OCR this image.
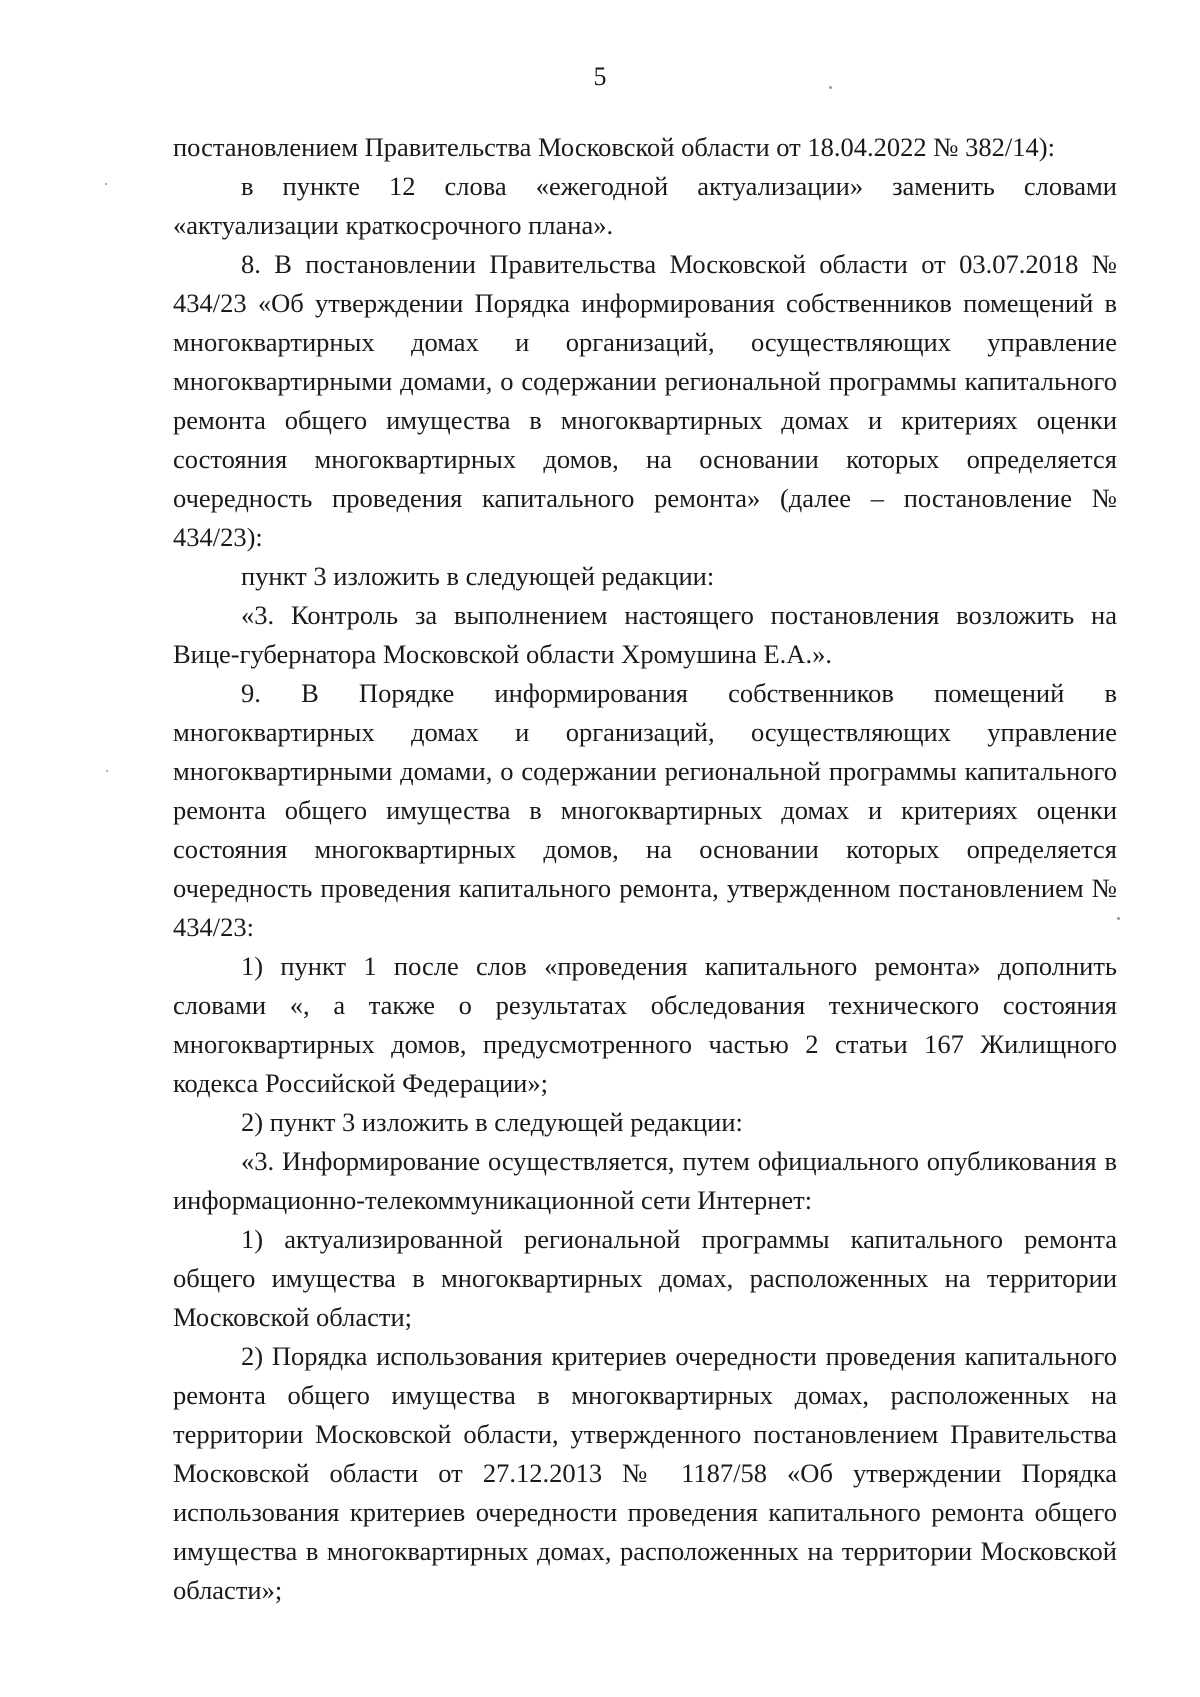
5

постановлением Правительства Московской области от 18.04.2022 № 382/14):

в пункте 12 слова «ежегодной актуализации» заменить словами «актуализации краткосрочного плана».

8. В постановлении Правительства Московской области от 03.07.2018 № 434/23 «Об утверждении Порядка информирования собственников помещений в многоквартирных домах и организаций, осуществляющих управление многоквартирными домами, о содержании региональной программы капитального ремонта общего имущества в многоквартирных домах и критериях оценки состояния многоквартирных домов, на основании которых определяется очередность проведения капитального ремонта» (далее – постановление № 434/23):

пункт 3 изложить в следующей редакции:

«3. Контроль за выполнением настоящего постановления возложить на Вице-губернатора Московской области Хромушина Е.А.».

9. В Порядке информирования собственников помещений в многоквартирных домах и организаций, осуществляющих управление многоквартирными домами, о содержании региональной программы капитального ремонта общего имущества в многоквартирных домах и критериях оценки состояния многоквартирных домов, на основании которых определяется очередность проведения капитального ремонта, утвержденном постановлением № 434/23:

1) пункт 1 после слов «проведения капитального ремонта» дополнить словами «, а также о результатах обследования технического состояния многоквартирных домов, предусмотренного частью 2 статьи 167 Жилищного кодекса Российской Федерации»;

2) пункт 3 изложить в следующей редакции:

«3. Информирование осуществляется, путем официального опубликования в информационно-телекоммуникационной сети Интернет:

1) актуализированной региональной программы капитального ремонта общего имущества в многоквартирных домах, расположенных на территории Московской области;

2) Порядка использования критериев очередности проведения капитального ремонта общего имущества в многоквартирных домах, расположенных на территории Московской области, утвержденного постановлением Правительства Московской области от 27.12.2013 № 1187/58 «Об утверждении Порядка использования критериев очередности проведения капитального ремонта общего имущества в многоквартирных домах, расположенных на территории Московской области»;
